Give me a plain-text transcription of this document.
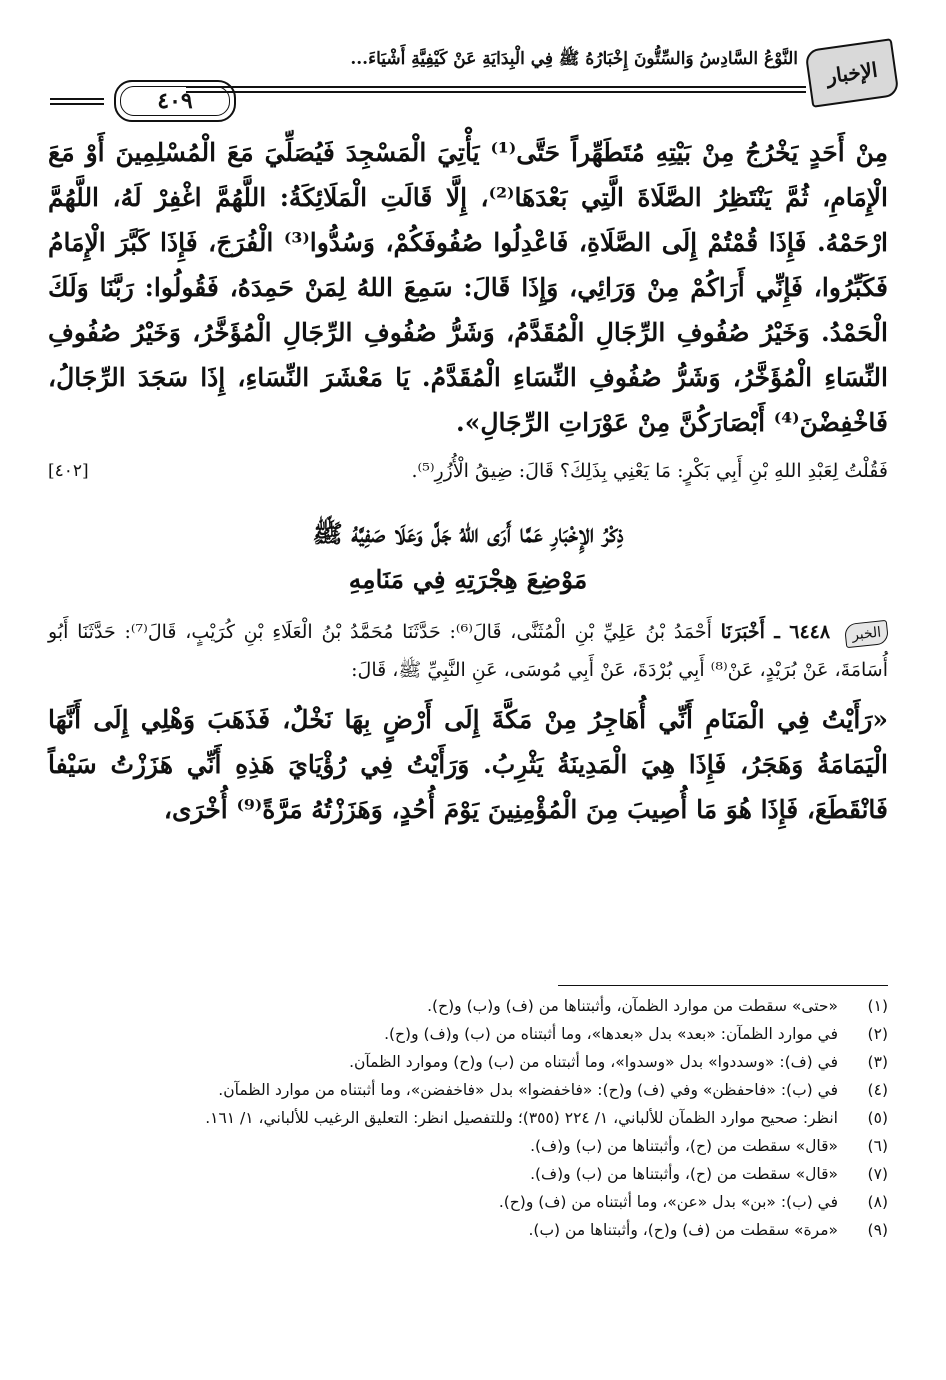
الإخبار
النَّوْعُ السَّادِسُ وَالسِّتُّونَ إِخْبَارُهُ ﷺ فِي الْبِدَايَةِ عَنْ كَيْفِيَّةِ أَشْيَاءَ...
٤٠٩

مِنْ أَحَدٍ يَخْرُجُ مِنْ بَيْتِهِ مُتَطَهِّراً حَتَّى⁽¹⁾ يَأْتِيَ الْمَسْجِدَ فَيُصَلِّيَ مَعَ الْمُسْلِمِينَ أَوْ مَعَ الْإِمَامِ، ثُمَّ يَنْتَظِرُ الصَّلَاةَ الَّتِي بَعْدَهَا⁽²⁾، إِلَّا قَالَتِ الْمَلَائِكَةُ: اللَّهُمَّ اغْفِرْ لَهُ، اللَّهُمَّ ارْحَمْهُ. فَإِذَا قُمْتُمْ إِلَى الصَّلَاةِ، فَاعْدِلُوا صُفُوفَكُمْ، وَسُدُّوا⁽³⁾ الْفُرَجَ، فَإِذَا كَبَّرَ الْإِمَامُ فَكَبِّرُوا، فَإِنِّي أَرَاكُمْ مِنْ وَرَائِي، وَإِذَا قَالَ: سَمِعَ اللهُ لِمَنْ حَمِدَهُ، فَقُولُوا: رَبَّنَا وَلَكَ الْحَمْدُ. وَخَيْرُ صُفُوفِ الرِّجَالِ الْمُقَدَّمُ، وَشَرُّ صُفُوفِ الرِّجَالِ الْمُؤَخَّرُ، وَخَيْرُ صُفُوفِ النِّسَاءِ الْمُؤَخَّرُ، وَشَرُّ صُفُوفِ النِّسَاءِ الْمُقَدَّمُ. يَا مَعْشَرَ النِّسَاءِ، إِذَا سَجَدَ الرِّجَالُ، فَاخْفِضْنَ⁽⁴⁾ أَبْصَارَكُنَّ مِنْ عَوْرَاتِ الرِّجَالِ».

فَقُلْتُ لِعَبْدِ اللهِ بْنِ أَبِي بَكْرٍ: مَا يَعْنِي بِذَلِكَ؟ قَالَ: ضِيقُ الْأُزُرِ⁽⁵⁾.
[٤٠٢]
ذِكْرُ الإِخْبَارِ عَمَّا أَرَى اللهُ جَلَّ وَعَلَا صَفِيَّهُ ﷺ
مَوْضِعَ هِجْرَتِهِ فِي مَنَامِهِ

الخبر ٦٤٤٨ ـ أَخْبَرَنَا أَحْمَدُ بْنُ عَلِيِّ بْنِ الْمُثَنَّى، قَالَ⁽⁶⁾: حَدَّثَنَا مُحَمَّدُ بْنُ الْعَلَاءِ بْنِ كُرَيْبٍ، قَالَ⁽⁷⁾: حَدَّثَنَا أَبُو أُسَامَةَ، عَنْ بُرَيْدٍ، عَنْ⁽⁸⁾ أَبِي بُرْدَةَ، عَنْ أَبِي مُوسَى، عَنِ النَّبِيِّ ﷺ، قَالَ:

«رَأَيْتُ فِي الْمَنَامِ أَنِّي أُهَاجِرُ مِنْ مَكَّةَ إِلَى أَرْضٍ بِهَا نَخْلٌ، فَذَهَبَ وَهْلِي إِلَى أَنَّهَا الْيَمَامَةُ وَهَجَرُ، فَإِذَا هِيَ الْمَدِينَةُ يَثْرِبُ. وَرَأَيْتُ فِي رُؤْيَايَ هَذِهِ أَنِّي هَزَزْتُ سَيْفاً فَانْقَطَعَ، فَإِذَا هُوَ مَا أُصِيبَ مِنَ الْمُؤْمِنِينَ يَوْمَ أُحُدٍ، وَهَزَزْتُهُ مَرَّةً⁽⁹⁾ أُخْرَى،

(١)
«حتى» سقطت من موارد الظمآن، وأثبتناها من (ف) و(ب) و(ح).
(٢)
في موارد الظمآن: «بعد» بدل «بعدها»، وما أثبتناه من (ب) و(ف) و(ح).
(٣)
في (ف): «وسددوا» بدل «وسدوا»، وما أثبتناه من (ب) و(ح) وموارد الظمآن.
(٤)
في (ب): «فاحفظن» وفي (ف) و(ح): «فاخفضوا» بدل «فاخفضن»، وما أثبتناه من موارد الظمآن.
(٥)
انظر: صحيح موارد الظمآن للألباني، ١/ ٢٢٤ (٣٥٥)؛ وللتفصيل انظر: التعليق الرغيب للألباني، ١/ ١٦١.
(٦)
«قال» سقطت من (ح)، وأثبتناها من (ب) و(ف).
(٧)
«قال» سقطت من (ح)، وأثبتناها من (ب) و(ف).
(٨)
في (ب): «بن» بدل «عن»، وما أثبتناه من (ف) و(ح).
(٩)
«مرة» سقطت من (ف) و(ح)، وأثبتناها من (ب).
